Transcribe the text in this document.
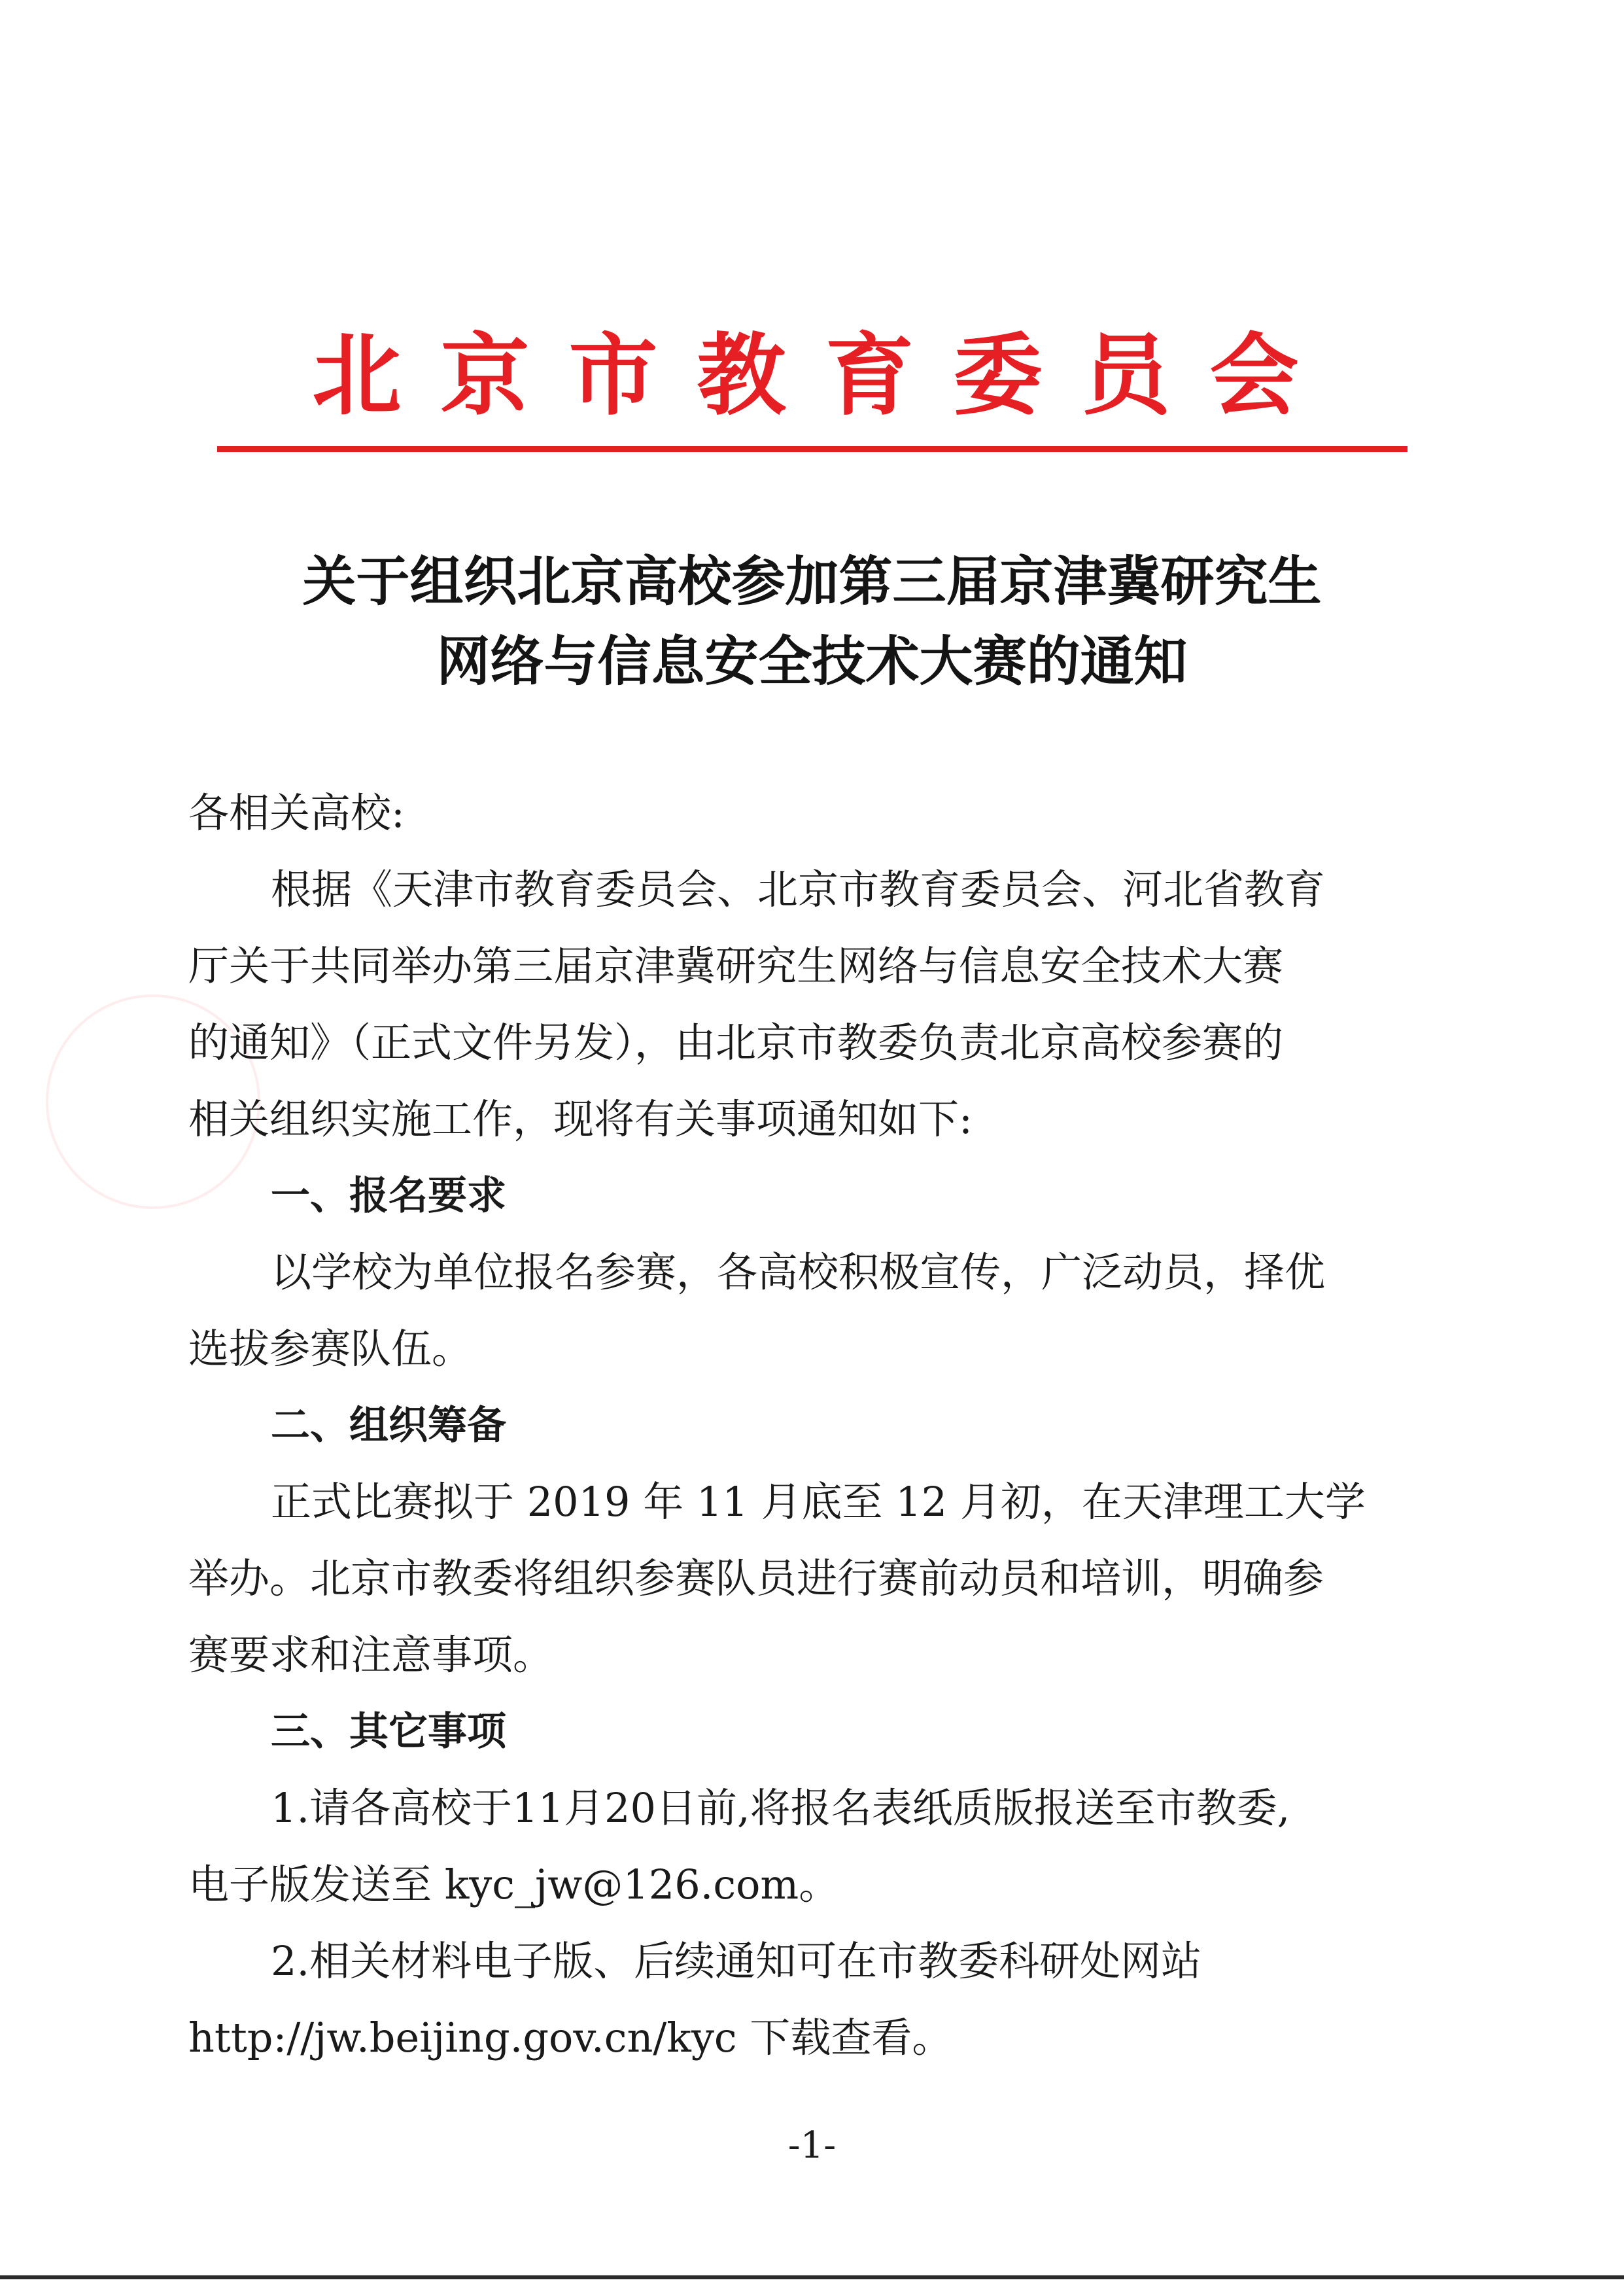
北京市教育委员会
关于组织北京高校参加第三届京津冀研究生
网络与信息安全技术大赛的通知
各相关高校:
根据《天津市教育委员会、北京市教育委员会、河北省教育
厅关于共同举办第三届京津冀研究生网络与信息安全技术大赛
的通知》（正式文件另发），由北京市教委负责北京高校参赛的
相关组织实施工作，现将有关事项通知如下:
一、报名要求
以学校为单位报名参赛，各高校积极宣传，广泛动员，择优
选拔参赛队伍。
二、组织筹备
正式比赛拟于 2019 年 11 月底至 12 月初，在天津理工大学
举办。北京市教委将组织参赛队员进行赛前动员和培训，明确参
赛要求和注意事项。
三、其它事项
1.请各高校于11月20日前,将报名表纸质版报送至市教委,
电子版发送至 kyc_jw@126.com。
2.相关材料电子版、后续通知可在市教委科研处网站
http://jw.beijing.gov.cn/kyc 下载查看。
-1-
